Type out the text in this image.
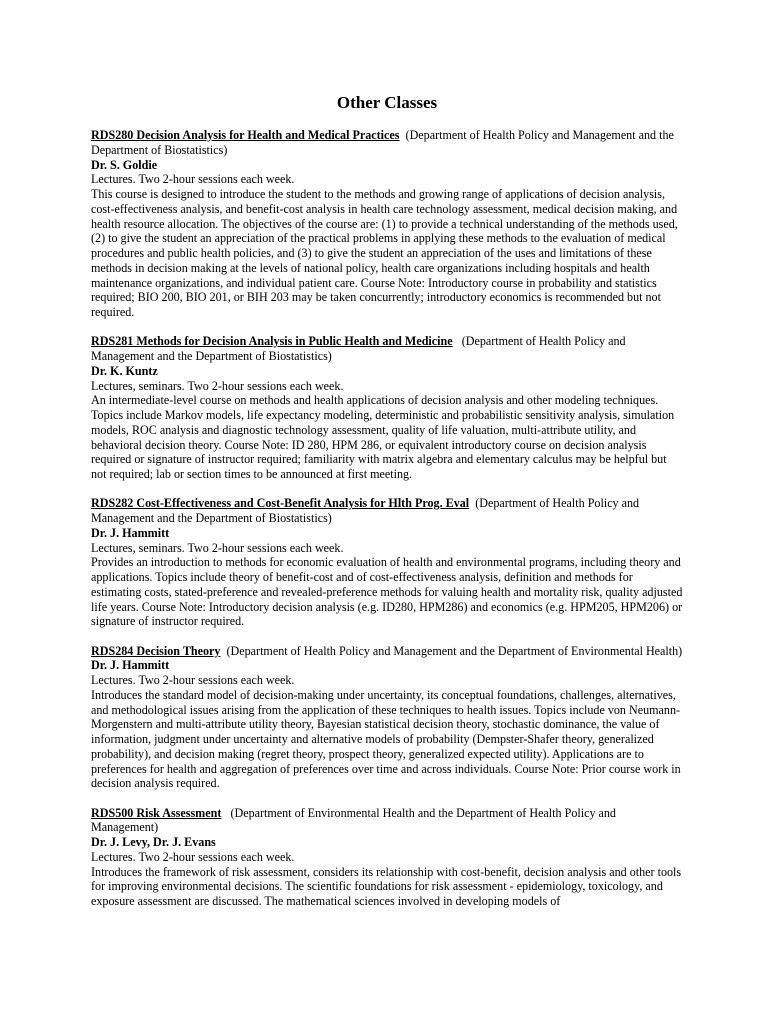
Other Classes
RDS280 Decision Analysis for Health and Medical Practices (Department of Health Policy and Management and the Department of Biostatistics)
Dr. S. Goldie
Lectures. Two 2-hour sessions each week.
This course is designed to introduce the student to the methods and growing range of applications of decision analysis, cost-effectiveness analysis, and benefit-cost analysis in health care technology assessment, medical decision making, and health resource allocation. The objectives of the course are: (1) to provide a technical understanding of the methods used, (2) to give the student an appreciation of the practical problems in applying these methods to the evaluation of medical procedures and public health policies, and (3) to give the student an appreciation of the uses and limitations of these methods in decision making at the levels of national policy, health care organizations including hospitals and health maintenance organizations, and individual patient care. Course Note: Introductory course in probability and statistics required; BIO 200, BIO 201, or BIH 203 may be taken concurrently; introductory economics is recommended but not required.
RDS281 Methods for Decision Analysis in Public Health and Medicine (Department of Health Policy and Management and the Department of Biostatistics)
Dr. K. Kuntz
Lectures, seminars. Two 2-hour sessions each week.
An intermediate-level course on methods and health applications of decision analysis and other modeling techniques. Topics include Markov models, life expectancy modeling, deterministic and probabilistic sensitivity analysis, simulation models, ROC analysis and diagnostic technology assessment, quality of life valuation, multi-attribute utility, and behavioral decision theory. Course Note: ID 280, HPM 286, or equivalent introductory course on decision analysis required or signature of instructor required; familiarity with matrix algebra and elementary calculus may be helpful but not required; lab or section times to be announced at first meeting.
RDS282 Cost-Effectiveness and Cost-Benefit Analysis for Hlth Prog. Eval (Department of Health Policy and Management and the Department of Biostatistics)
Dr. J. Hammitt
Lectures, seminars. Two 2-hour sessions each week.
Provides an introduction to methods for economic evaluation of health and environmental programs, including theory and applications. Topics include theory of benefit-cost and of cost-effectiveness analysis, definition and methods for estimating costs, stated-preference and revealed-preference methods for valuing health and mortality risk, quality adjusted life years. Course Note: Introductory decision analysis (e.g. ID280, HPM286) and economics (e.g. HPM205, HPM206) or signature of instructor required.
RDS284 Decision Theory (Department of Health Policy and Management and the Department of Environmental Health)
Dr. J. Hammitt
Lectures. Two 2-hour sessions each week.
Introduces the standard model of decision-making under uncertainty, its conceptual foundations, challenges, alternatives, and methodological issues arising from the application of these techniques to health issues. Topics include von Neumann-Morgenstern and multi-attribute utility theory, Bayesian statistical decision theory, stochastic dominance, the value of information, judgment under uncertainty and alternative models of probability (Dempster-Shafer theory, generalized probability), and decision making (regret theory, prospect theory, generalized expected utility). Applications are to preferences for health and aggregation of preferences over time and across individuals. Course Note: Prior course work in decision analysis required.
RDS500 Risk Assessment (Department of Environmental Health and the Department of Health Policy and Management)
Dr. J. Levy, Dr. J. Evans
Lectures. Two 2-hour sessions each week.
Introduces the framework of risk assessment, considers its relationship with cost-benefit, decision analysis and other tools for improving environmental decisions. The scientific foundations for risk assessment - epidemiology, toxicology, and exposure assessment are discussed. The mathematical sciences involved in developing models of
